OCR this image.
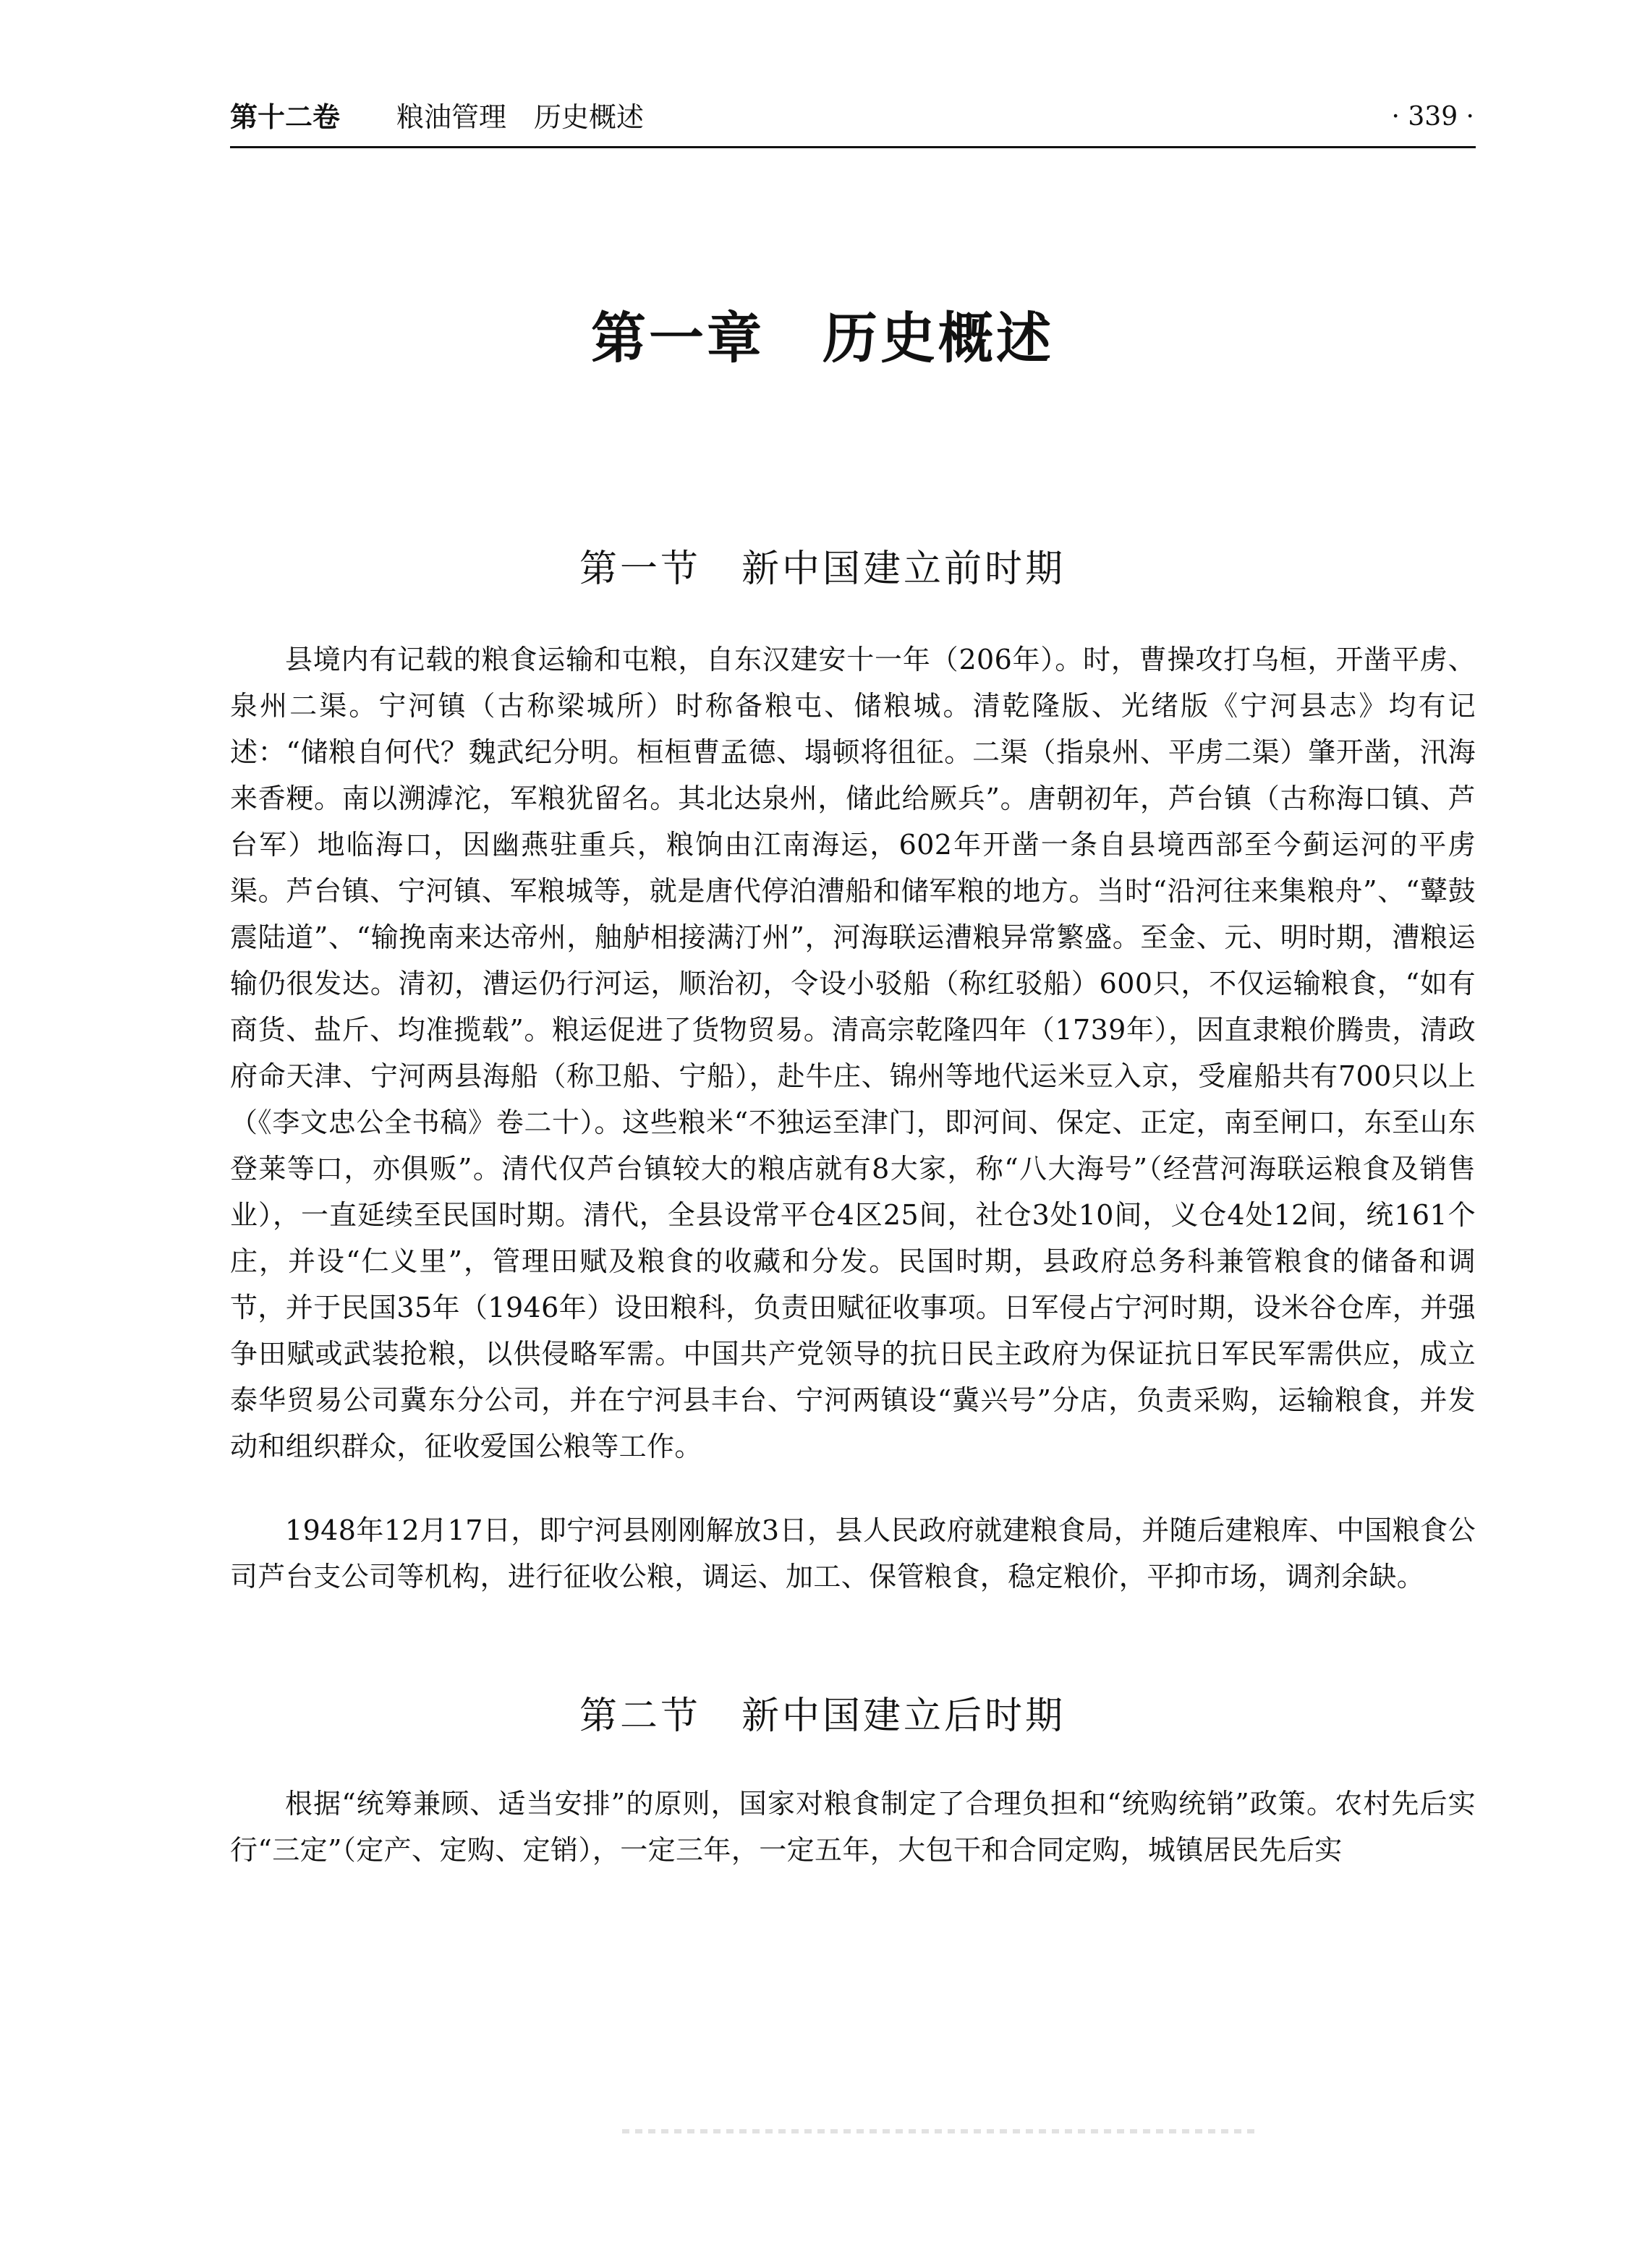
第十二卷 粮油管理　历史概述	· 339 ·
第一章　历史概述
第一节　新中国建立前时期

县境内有记载的粮食运输和屯粮，自东汉建安十一年（206年）。时，曹操攻打乌桓，开凿平虏、泉州二渠。宁河镇（古称梁城所）时称备粮屯、储粮城。清乾隆版、光绪版《宁河县志》均有记述：“储粮自何代？魏武纪分明。桓桓曹孟德、塌顿将徂征。二渠（指泉州、平虏二渠）肇开凿，汛海来香粳。南以溯滹沱，军粮犹留名。其北达泉州，储此给厥兵”。唐朝初年，芦台镇（古称海口镇、芦台军）地临海口，因幽燕驻重兵，粮饷由江南海运，602年开凿一条自县境西部至今蓟运河的平虏渠。芦台镇、宁河镇、军粮城等，就是唐代停泊漕船和储军粮的地方。当时“沿河往来集粮舟”、“鼙鼓震陆道”、“输挽南来达帝州，舳舻相接满汀州”，河海联运漕粮异常繁盛。至金、元、明时期，漕粮运输仍很发达。清初，漕运仍行河运，顺治初，令设小驳船（称红驳船）600只，不仅运输粮食，“如有商货、盐斤、均准揽载”。粮运促进了货物贸易。清高宗乾隆四年（1739年），因直隶粮价腾贵，清政府命天津、宁河两县海船（称卫船、宁船），赴牛庄、锦州等地代运米豆入京，受雇船共有700只以上（《李文忠公全书稿》卷二十）。这些粮米“不独运至津门，即河间、保定、正定，南至闸口，东至山东登莱等口，亦俱贩”。清代仅芦台镇较大的粮店就有8大家，称“八大海号”（经营河海联运粮食及销售业），一直延续至民国时期。清代，全县设常平仓4区25间，社仓3处10间，义仓4处12间，统161个庄，并设“仁义里”，管理田赋及粮食的收藏和分发。民国时期，县政府总务科兼管粮食的储备和调节，并于民国35年（1946年）设田粮科，负责田赋征收事项。日军侵占宁河时期，设米谷仓库，并强争田赋或武装抢粮，以供侵略军需。中国共产党领导的抗日民主政府为保证抗日军民军需供应，成立泰华贸易公司冀东分公司，并在宁河县丰台、宁河两镇设“冀兴号”分店，负责采购，运输粮食，并发动和组织群众，征收爱国公粮等工作。

1948年12月17日，即宁河县刚刚解放3日，县人民政府就建粮食局，并随后建粮库、中国粮食公司芦台支公司等机构，进行征收公粮，调运、加工、保管粮食，稳定粮价，平抑市场，调剂余缺。

第二节　新中国建立后时期

根据“统筹兼顾、适当安排”的原则，国家对粮食制定了合理负担和“统购统销”政策。农村先后实行“三定”（定产、定购、定销），一定三年，一定五年，大包干和合同定购，城镇居民先后实
